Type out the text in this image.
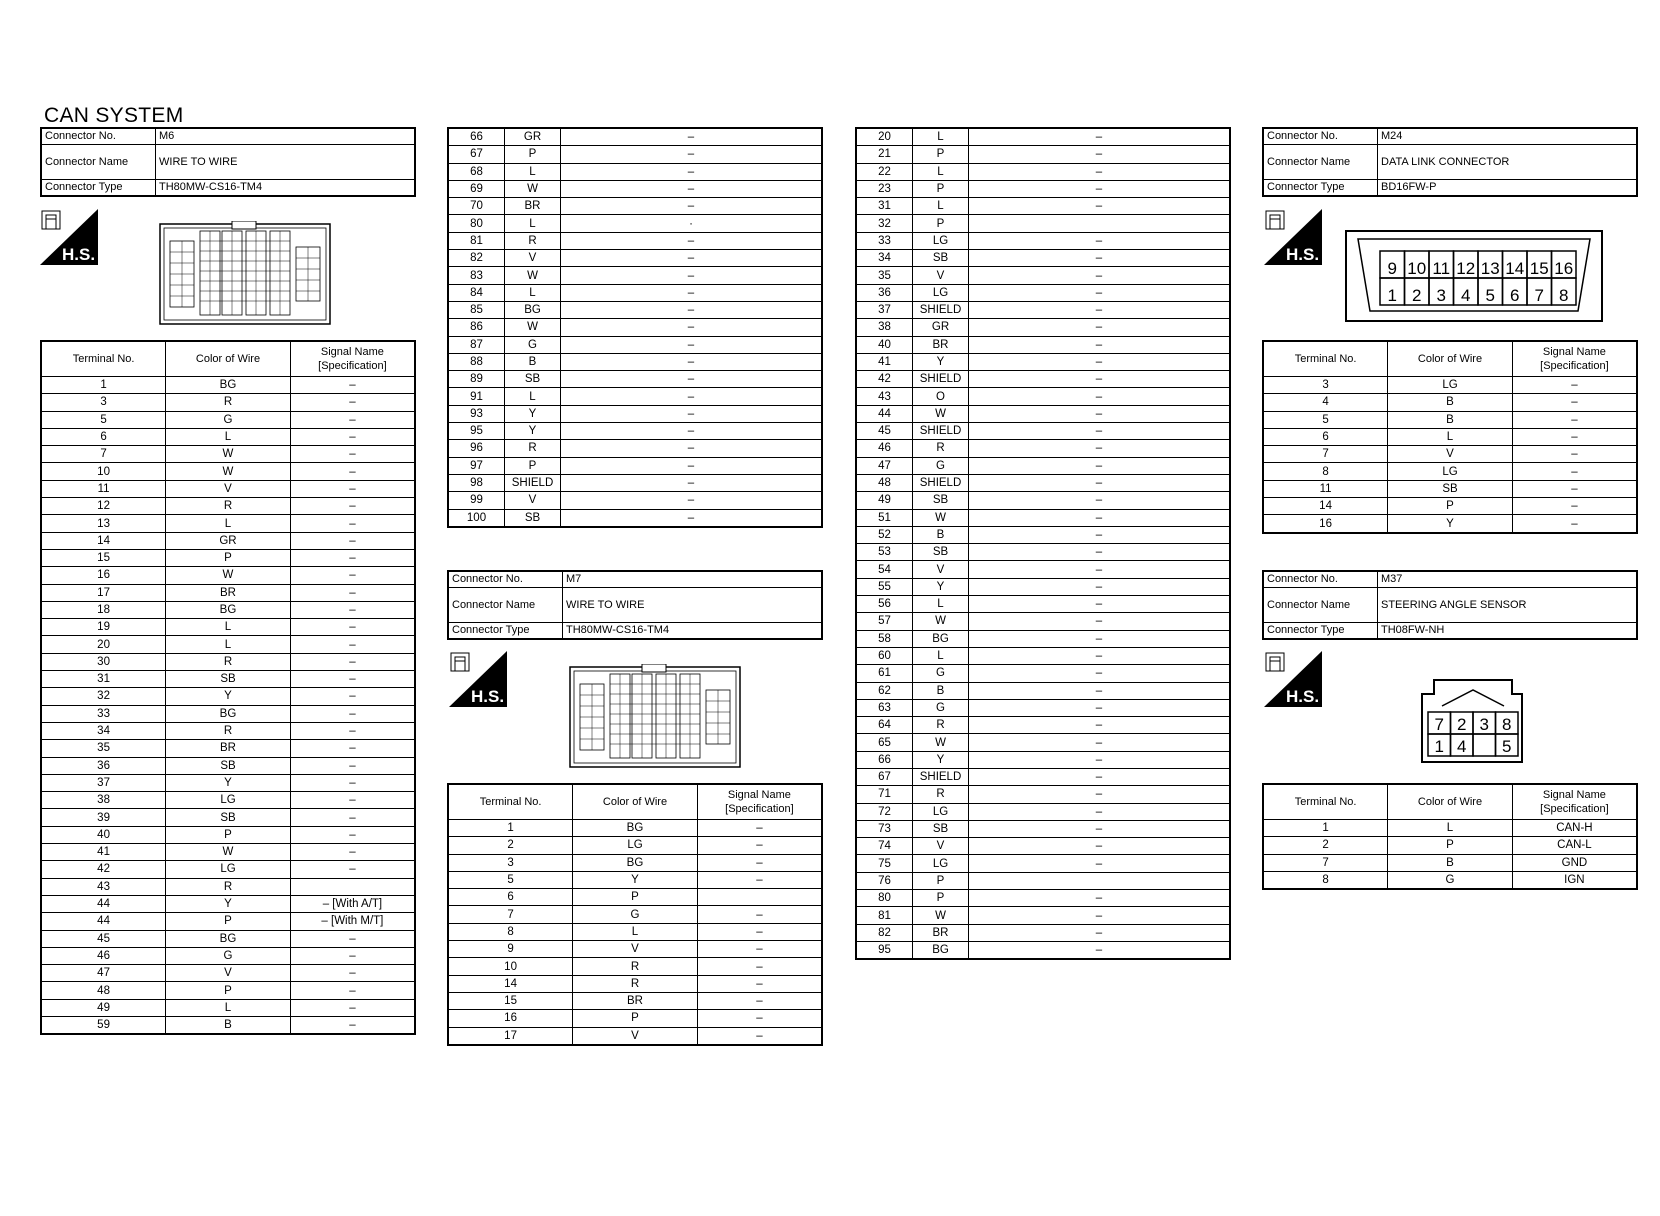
CAN SYSTEM
Connector No.	M6
Connector Name	WIRE TO WIRE
Connector Type	TH80MW-CS16-TM4
H.S.
Terminal No.	Color of Wire	Signal Name [Specification]
1	BG	–
3	R	–
5	G	–
6	L	–
7	W	–
10	W	–
11	V	–
12	R	–
13	L	–
14	GR	–
15	P	–
16	W	–
17	BR	–
18	BG	–
19	L	–
20	L	–
30	R	–
31	SB	–
32	Y	–
33	BG	–
34	R	–
35	BR	–
36	SB	–
37	Y	–
38	LG	–
39	SB	–
40	P	–
41	W	–
42	LG	–
43	R	
44	Y	– [With A/T]
44	P	– [With M/T]
45	BG	–
46	G	–
47	V	–
48	P	–
49	L	–
59	B	–
66	GR	–
67	P	–
68	L	–
69	W	–
70	BR	–
80	L	·
81	R	–
82	V	–
83	W	–
84	L	–
85	BG	–
86	W	–
87	G	–
88	B	–
89	SB	–
91	L	–
93	Y	–
95	Y	–
96	R	–
97	P	–
98	SHIELD	–
99	V	–
100	SB	–
Connector No.	M7
Connector Name	WIRE TO WIRE
Connector Type	TH80MW-CS16-TM4
H.S.
Terminal No.	Color of Wire	Signal Name [Specification]
1	BG	–
2	LG	–
3	BG	–
5	Y	–
6	P	
7	G	–
8	L	–
9	V	–
10	R	–
14	R	–
15	BR	–
16	P	–
17	V	–
20	L	–
21	P	–
22	L	–
23	P	–
31	L	–
32	P	
33	LG	–
34	SB	–
35	V	–
36	LG	–
37	SHIELD	–
38	GR	–
40	BR	–
41	Y	–
42	SHIELD	–
43	O	–
44	W	–
45	SHIELD	–
46	R	–
47	G	–
48	SHIELD	–
49	SB	–
51	W	–
52	B	–
53	SB	–
54	V	–
55	Y	–
56	L	–
57	W	–
58	BG	–
60	L	–
61	G	–
62	B	–
63	G	–
64	R	–
65	W	–
66	Y	–
67	SHIELD	–
71	R	–
72	LG	–
73	SB	–
74	V	–
75	LG	–
76	P	
80	P	–
81	W	–
82	BR	–
95	BG	–
Connector No.	M24
Connector Name	DATA LINK CONNECTOR
Connector Type	BD16FW-P
H.S.
9 10 11 12 13 14 15 16
1 2 3 4 5 6 7 8
Terminal No.	Color of Wire	Signal Name [Specification]
3	LG	–
4	B	–
5	B	–
6	L	–
7	V	–
8	LG	–
11	SB	–
14	P	–
16	Y	–
Connector No.	M37
Connector Name	STEERING ANGLE SENSOR
Connector Type	TH08FW-NH
H.S.
7 2 3 8
1 4 5
Terminal No.	Color of Wire	Signal Name [Specification]
1	L	CAN-H
2	P	CAN-L
7	B	GND
8	G	IGN
